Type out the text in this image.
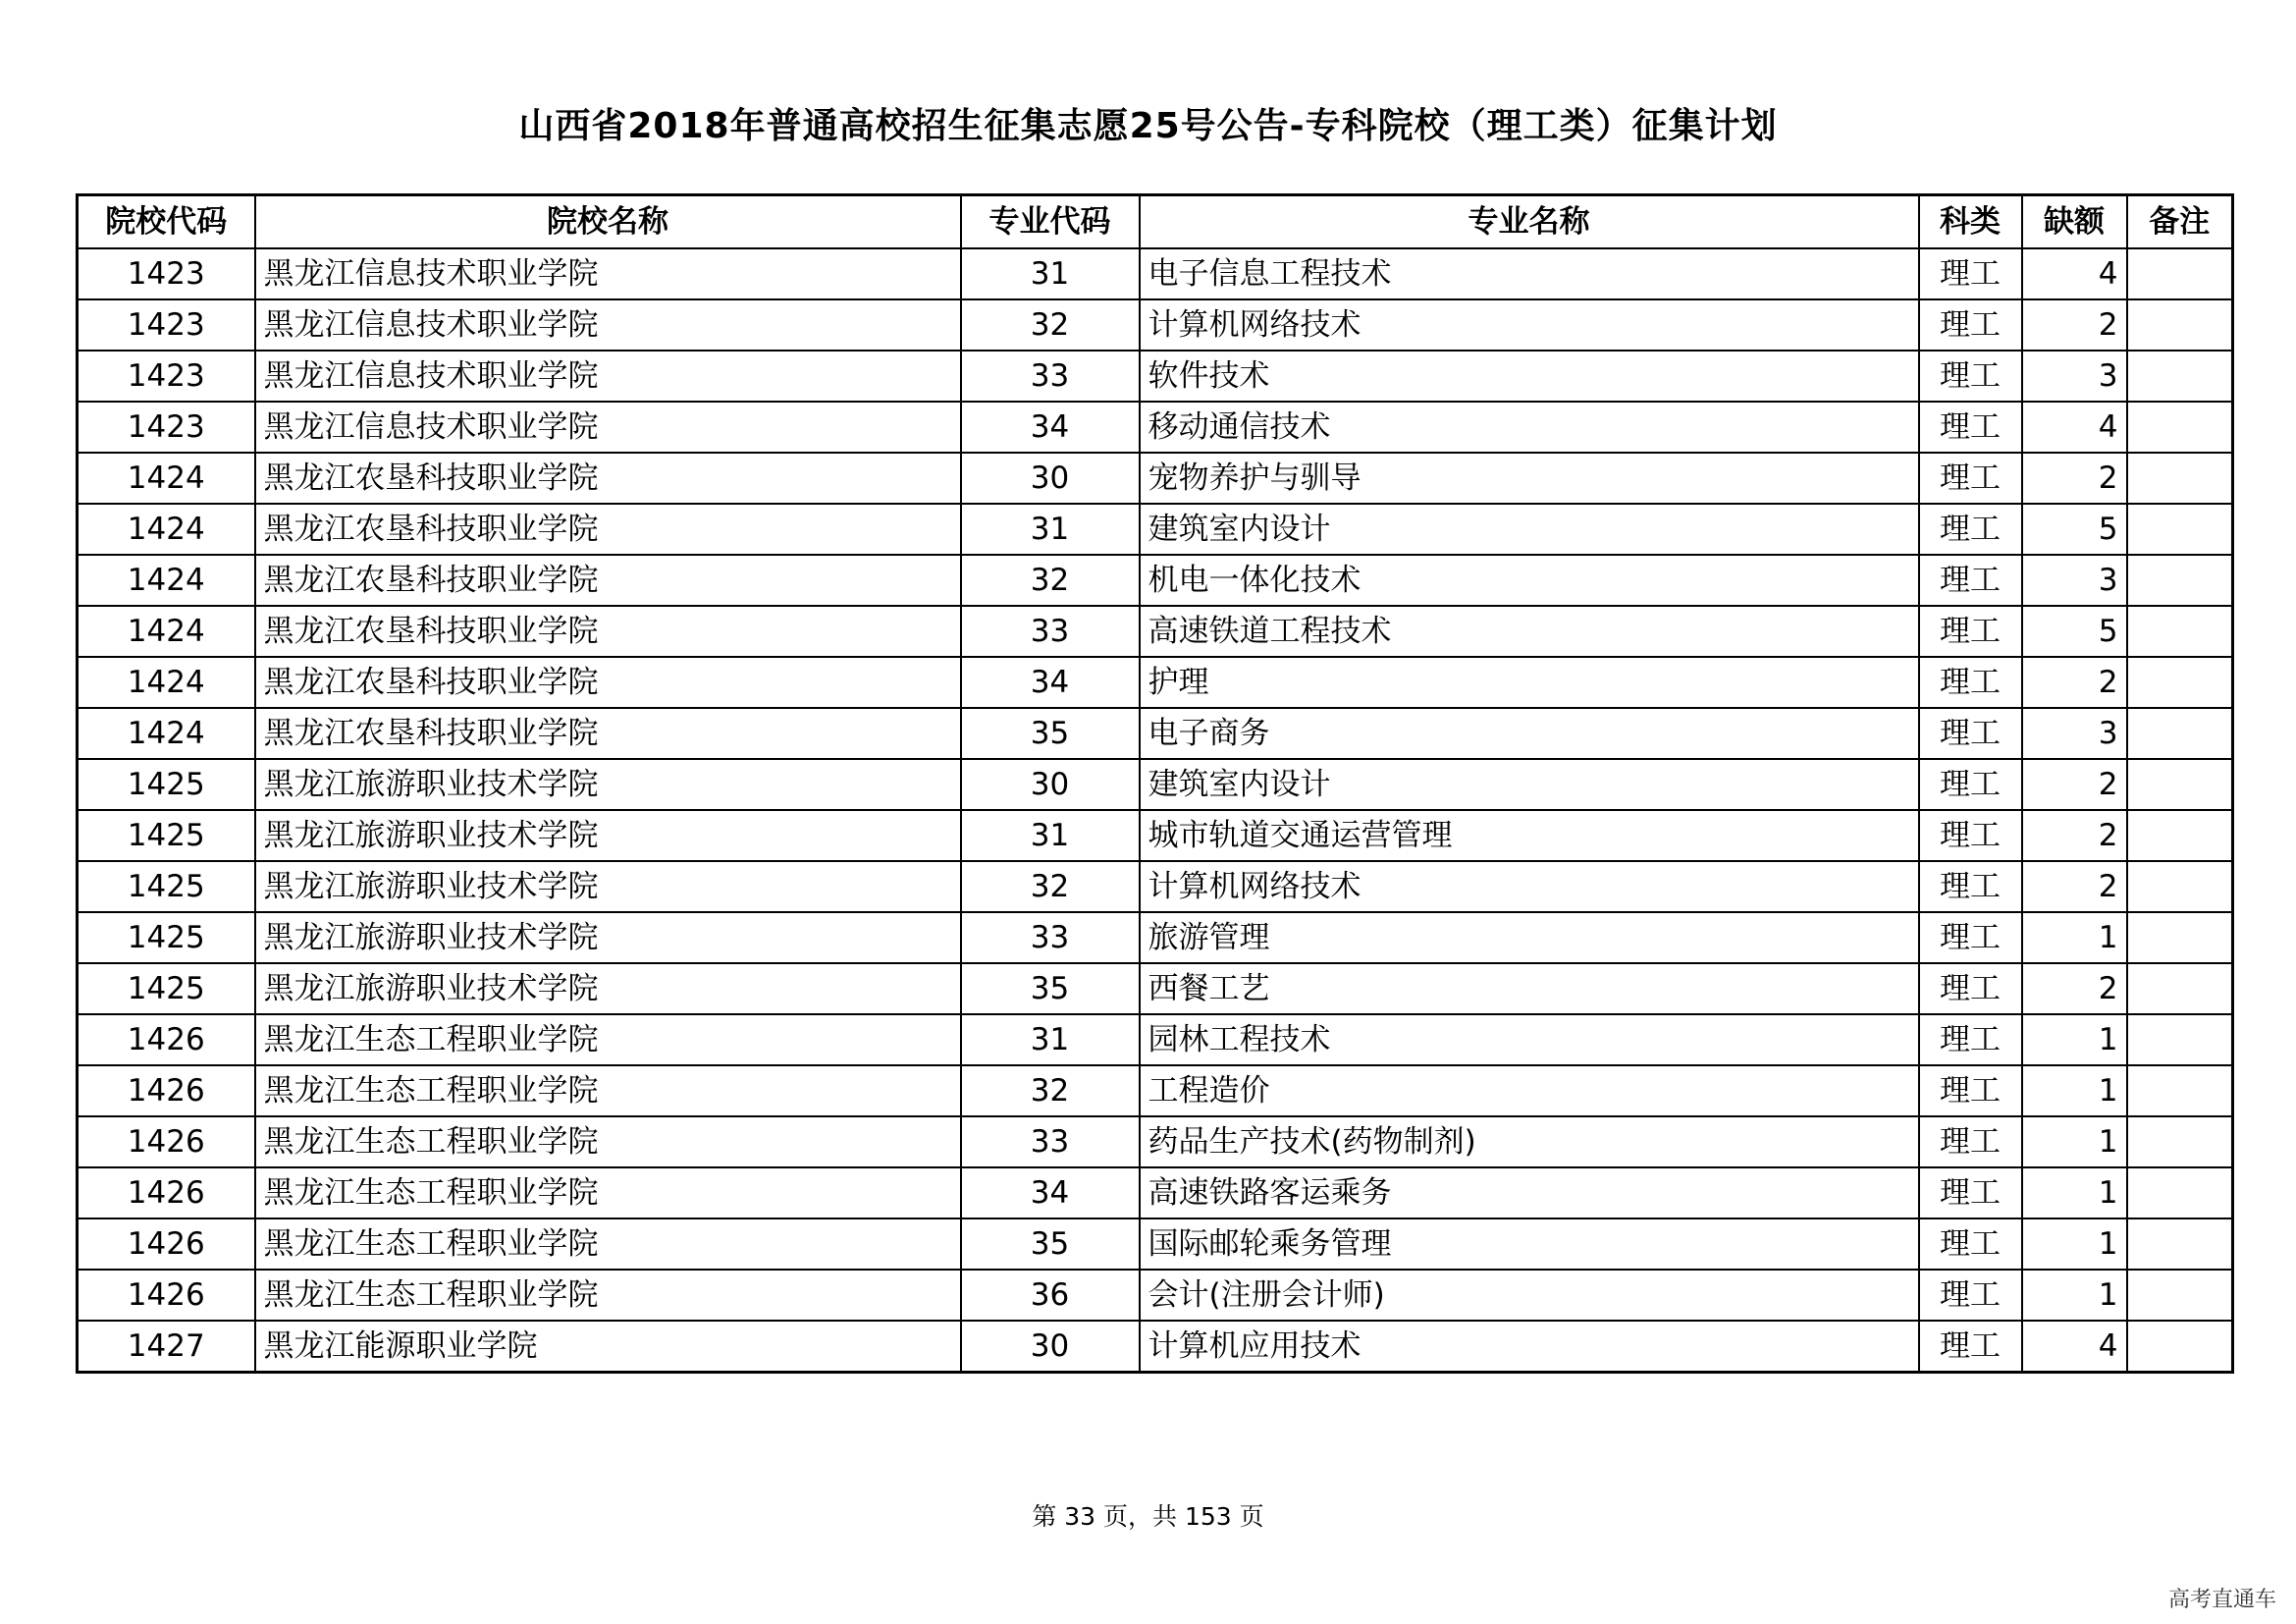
山西省2018年普通高校招生征集志愿25号公告-专科院校（理工类）征集计划
院校代码	院校名称	专业代码	专业名称	科类	缺额	备注
1423	黑龙江信息技术职业学院	31	电子信息工程技术	理工	4	
1423	黑龙江信息技术职业学院	32	计算机网络技术	理工	2	
1423	黑龙江信息技术职业学院	33	软件技术	理工	3	
1423	黑龙江信息技术职业学院	34	移动通信技术	理工	4	
1424	黑龙江农垦科技职业学院	30	宠物养护与驯导	理工	2	
1424	黑龙江农垦科技职业学院	31	建筑室内设计	理工	5	
1424	黑龙江农垦科技职业学院	32	机电一体化技术	理工	3	
1424	黑龙江农垦科技职业学院	33	高速铁道工程技术	理工	5	
1424	黑龙江农垦科技职业学院	34	护理	理工	2	
1424	黑龙江农垦科技职业学院	35	电子商务	理工	3	
1425	黑龙江旅游职业技术学院	30	建筑室内设计	理工	2	
1425	黑龙江旅游职业技术学院	31	城市轨道交通运营管理	理工	2	
1425	黑龙江旅游职业技术学院	32	计算机网络技术	理工	2	
1425	黑龙江旅游职业技术学院	33	旅游管理	理工	1	
1425	黑龙江旅游职业技术学院	35	西餐工艺	理工	2	
1426	黑龙江生态工程职业学院	31	园林工程技术	理工	1	
1426	黑龙江生态工程职业学院	32	工程造价	理工	1	
1426	黑龙江生态工程职业学院	33	药品生产技术(药物制剂)	理工	1	
1426	黑龙江生态工程职业学院	34	高速铁路客运乘务	理工	1	
1426	黑龙江生态工程职业学院	35	国际邮轮乘务管理	理工	1	
1426	黑龙江生态工程职业学院	36	会计(注册会计师)	理工	1	
1427	黑龙江能源职业学院	30	计算机应用技术	理工	4	
第 33 页，共 153 页
高考直通车
